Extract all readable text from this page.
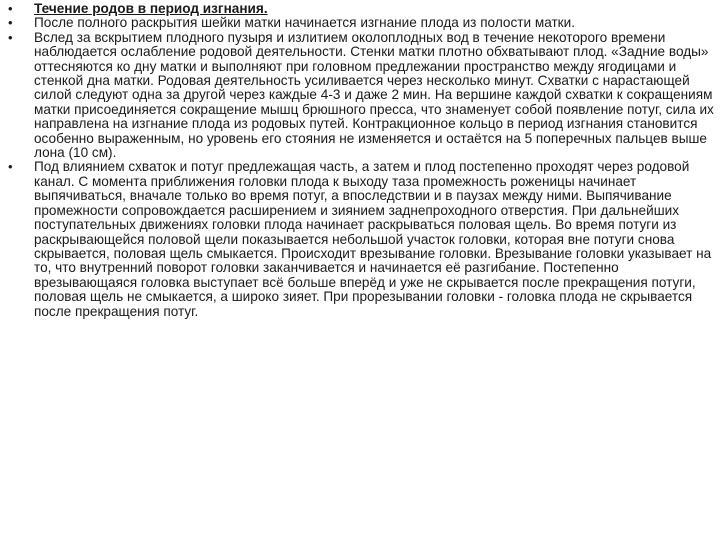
• Течение родов в период изгнания.
• После полного раскрытия шейки матки начинается изгнание плода из полости матки.
• Вслед за вскрытием плодного пузыря и излитием околоплодных вод в течение некоторого времени наблюдается ослабление родовой деятельности. Стенки матки плотно обхватывают плод. «Задние воды» оттесняются ко дну матки и выполняют при головном предлежании пространство между ягодицами и стенкой дна матки. Родовая деятельность усиливается через несколько минут. Схватки с нарастающей силой следуют одна за другой через каждые 4-3 и даже 2 мин. На вершине каждой схватки к сокращениям матки присоединяется сокращение мышц брюшного пресса, что знаменует собой появление потуг, сила их направлена на изгнание плода из родовых путей. Контракционное кольцо в период изгнания становится особенно выраженным, но уровень его стояния не изменяется и остаётся на 5 поперечных пальцев выше лона (10 см).
• Под влиянием схваток и потуг предлежащая часть, а затем и плод постепенно проходят через родовой канал. С момента приближения головки плода к выходу таза промежность роженицы начинает выпячиваться, вначале только во время потуг, а впоследствии и в паузах между ними. Выпячивание промежности сопровождается расширением и зиянием заднепроходного отверстия. При дальнейших поступательных движениях головки плода начинает раскрываться половая щель. Во время потуги из раскрывающейся половой щели показывается небольшой участок головки, которая вне потуги снова скрывается, половая щель смыкается. Происходит врезывание головки. Врезывание головки указывает на то, что внутренний поворот головки заканчивается и начинается её разгибание. Постепенно врезывающаяся головка выступает всё больше вперёд и уже не скрывается после прекращения потуги, половая щель не смыкается, а широко зияет. При прорезывании головки - головка плода не скрывается после прекращения потуг.
